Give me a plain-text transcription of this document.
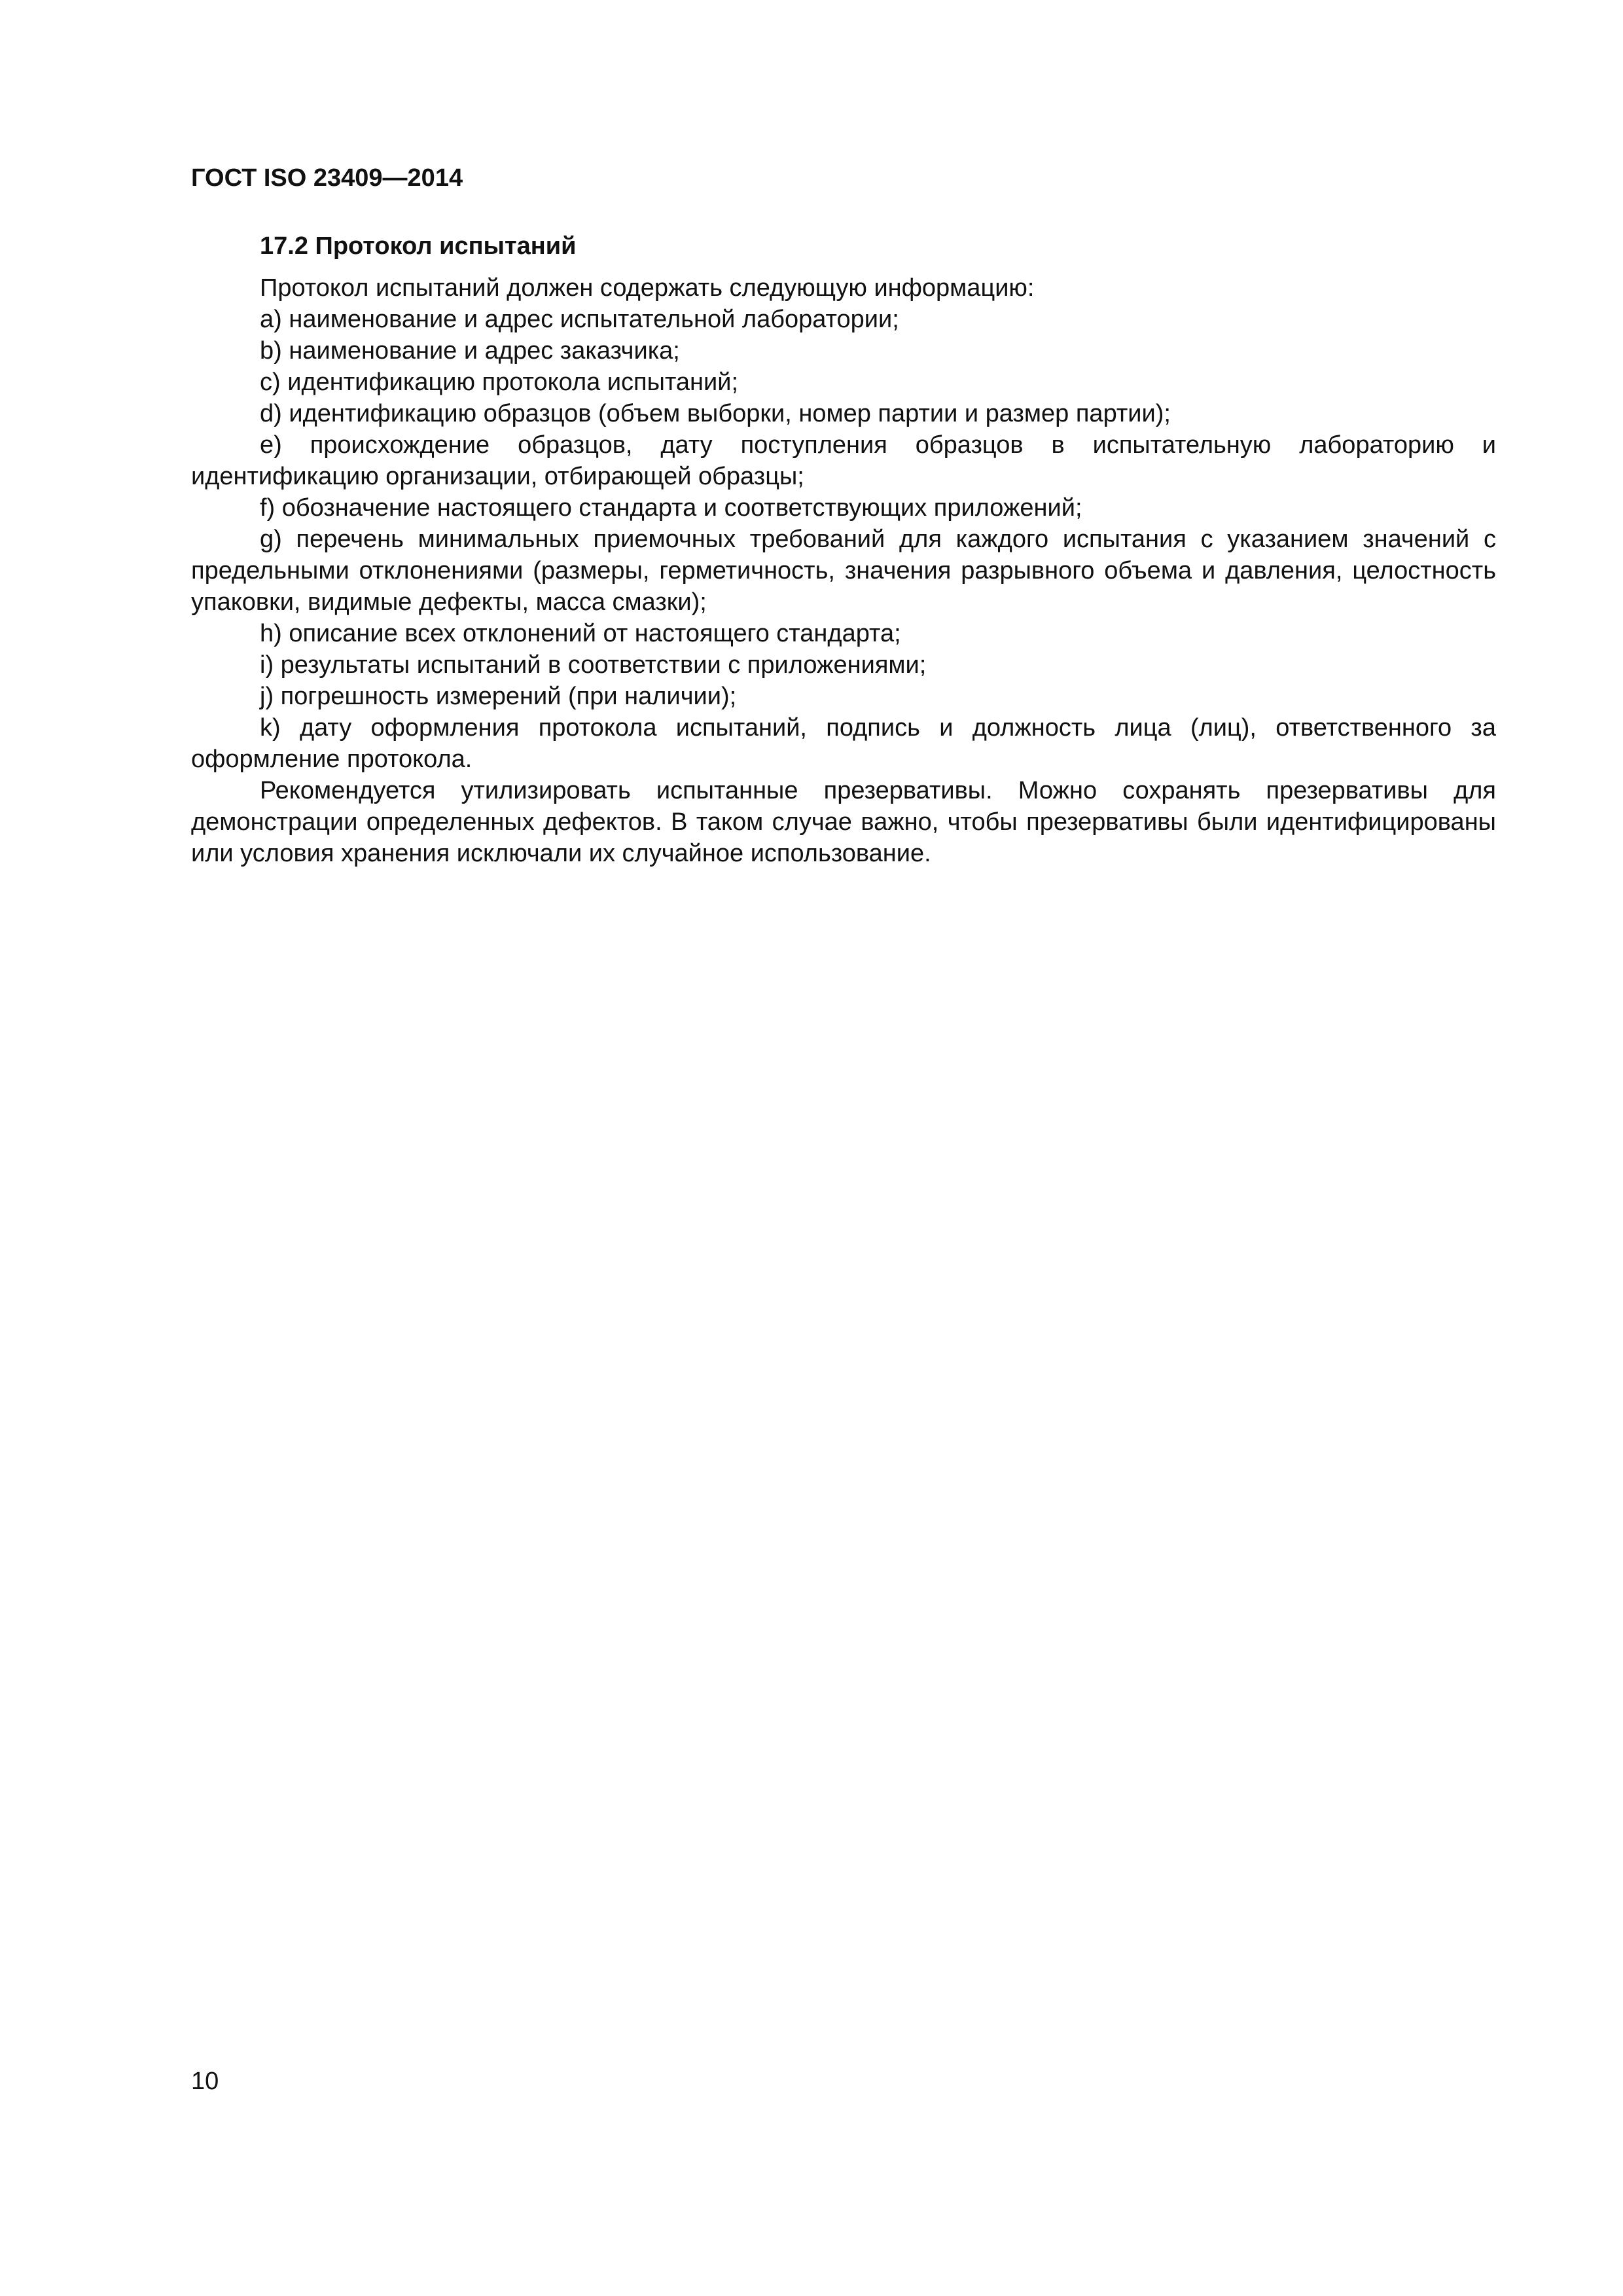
ГОСТ ISO 23409—2014
17.2 Протокол испытаний

Протокол испытаний должен содержать следующую информацию:

a) наименование и адрес испытательной лаборатории;

b) наименование и адрес заказчика;

c) идентификацию протокола испытаний;

d) идентификацию образцов (объем выборки, номер партии и размер партии);

e) происхождение образцов, дату поступления образцов в испытательную лабораторию и идентификацию организации, отбирающей образцы;

f) обозначение настоящего стандарта и соответствующих приложений;

g) перечень минимальных приемочных требований для каждого испытания с указанием значений с предельными отклонениями (размеры, герметичность, значения разрывного объема и давления, целостность упаковки, видимые дефекты, масса смазки);

h) описание всех отклонений от настоящего стандарта;

i) результаты испытаний в соответствии с приложениями;

j) погрешность измерений (при наличии);

k) дату оформления протокола испытаний, подпись и должность лица (лиц), ответственного за оформление протокола.

Рекомендуется утилизировать испытанные презервативы. Можно сохранять презервативы для демонстрации определенных дефектов. В таком случае важно, чтобы презервативы были идентифицированы или условия хранения исключали их случайное использование.

10
